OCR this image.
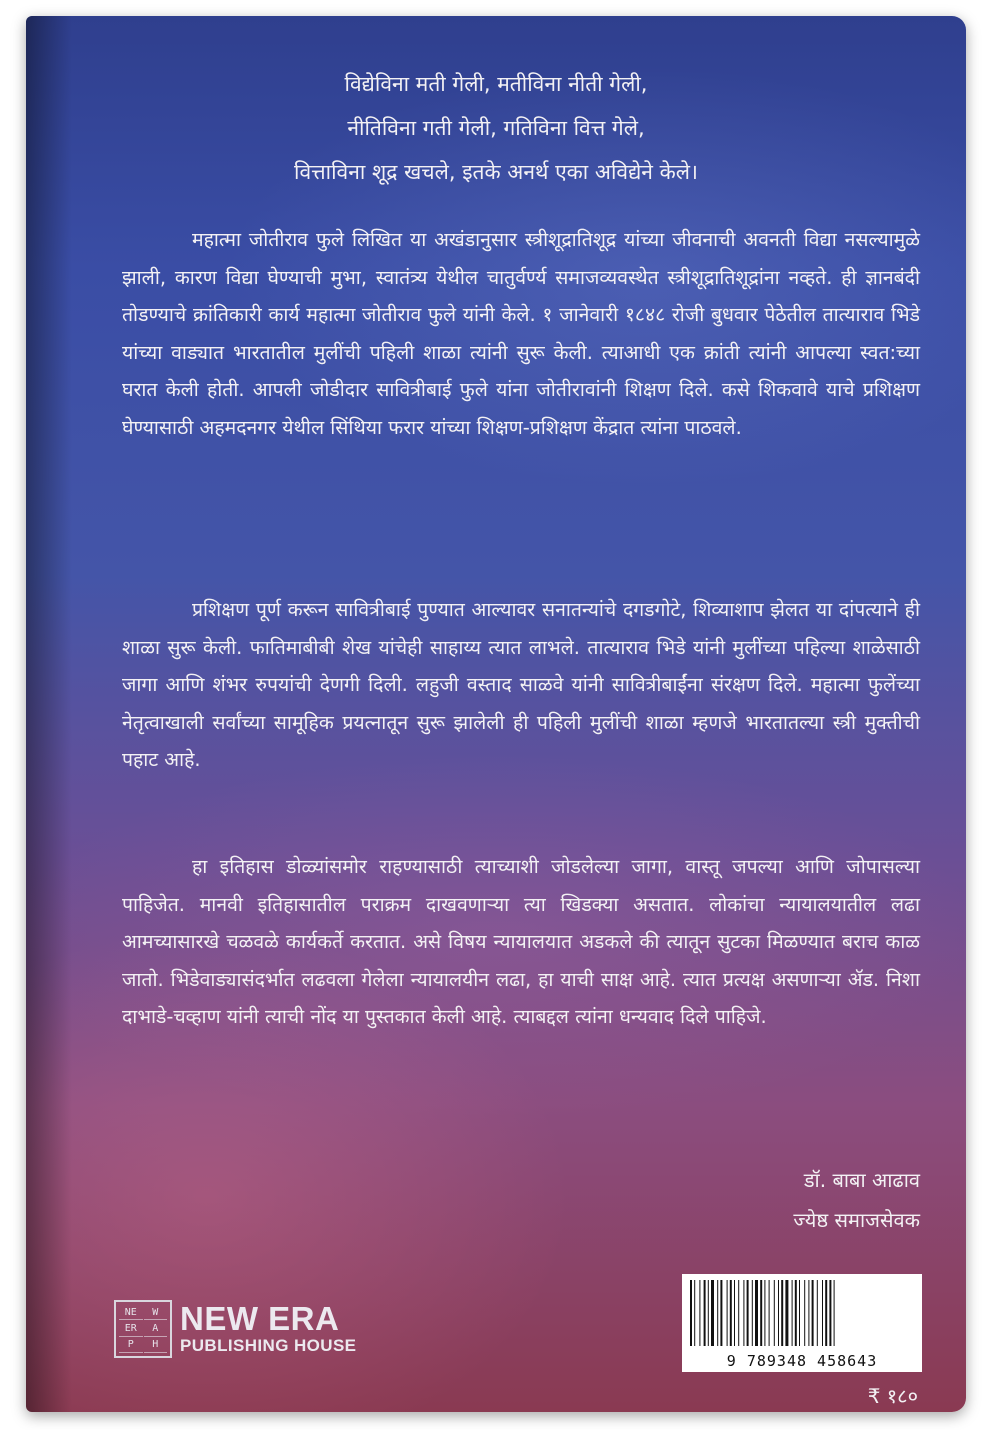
विद्येविना मती गेली, मतीविना नीती गेली,
नीतिविना गती गेली, गतिविना वित्त गेले,
वित्ताविना शूद्र खचले, इतके अनर्थ एका अविद्येने केले।
महात्मा जोतीराव फुले लिखित या अखंडानुसार स्त्रीशूद्रातिशूद्र यांच्या जीवनाची अवनती विद्या नसल्यामुळे झाली, कारण विद्या घेण्याची मुभा, स्वातंत्र्य येथील चातुर्वर्ण्य समाजव्यवस्थेत स्त्रीशूद्रातिशूद्रांना नव्हते. ही ज्ञानबंदी तोडण्याचे क्रांतिकारी कार्य महात्मा जोतीराव फुले यांनी केले. १ जानेवारी १८४८ रोजी बुधवार पेठेतील तात्याराव भिडे यांच्या वाड्यात भारतातील मुलींची पहिली शाळा त्यांनी सुरू केली. त्याआधी एक क्रांती त्यांनी आपल्या स्वत:च्या घरात केली होती. आपली जोडीदार सावित्रीबाई फुले यांना जोतीरावांनी शिक्षण दिले. कसे शिकवावे याचे प्रशिक्षण घेण्यासाठी अहमदनगर येथील सिंथिया फरार यांच्या शिक्षण-प्रशिक्षण केंद्रात त्यांना पाठवले.
प्रशिक्षण पूर्ण करून सावित्रीबाई पुण्यात आल्यावर सनातन्यांचे दगडगोटे, शिव्याशाप झेलत या दांपत्याने ही शाळा सुरू केली. फातिमाबीबी शेख यांचेही साहाय्य त्यात लाभले. तात्याराव भिडे यांनी मुलींच्या पहिल्या शाळेसाठी जागा आणि शंभर रुपयांची देणगी दिली. लहुजी वस्ताद साळवे यांनी सावित्रीबाईंना संरक्षण दिले. महात्मा फुलेंच्या नेतृत्वाखाली सर्वांच्या सामूहिक प्रयत्नातून सुरू झालेली ही पहिली मुलींची शाळा म्हणजे भारतातल्या स्त्री मुक्तीची पहाट आहे.
हा इतिहास डोळ्यांसमोर राहण्यासाठी त्याच्याशी जोडलेल्या जागा, वास्तू जपल्या आणि जोपासल्या पाहिजेत. मानवी इतिहासातील पराक्रम दाखवणाऱ्या त्या खिडक्या असतात. लोकांचा न्यायालयातील लढा आमच्यासारखे चळवळे कार्यकर्ते करतात. असे विषय न्यायालयात अडकले की त्यातून सुटका मिळण्यात बराच काळ जातो. भिडेवाड्यासंदर्भात लढवला गेलेला न्यायालयीन लढा, हा याची साक्ष आहे. त्यात प्रत्यक्ष असणाऱ्या ॲड. निशा दाभाडे-चव्हाण यांनी त्याची नोंद या पुस्तकात केली आहे. त्याबद्दल त्यांना धन्यवाद दिले पाहिजे.
डॉ. बाबा आढाव
ज्येष्ठ समाजसेवक
NE	W
ER	A
P	H
NEW ERA
PUBLISHING HOUSE
9 789348 458643
₹ १८०
